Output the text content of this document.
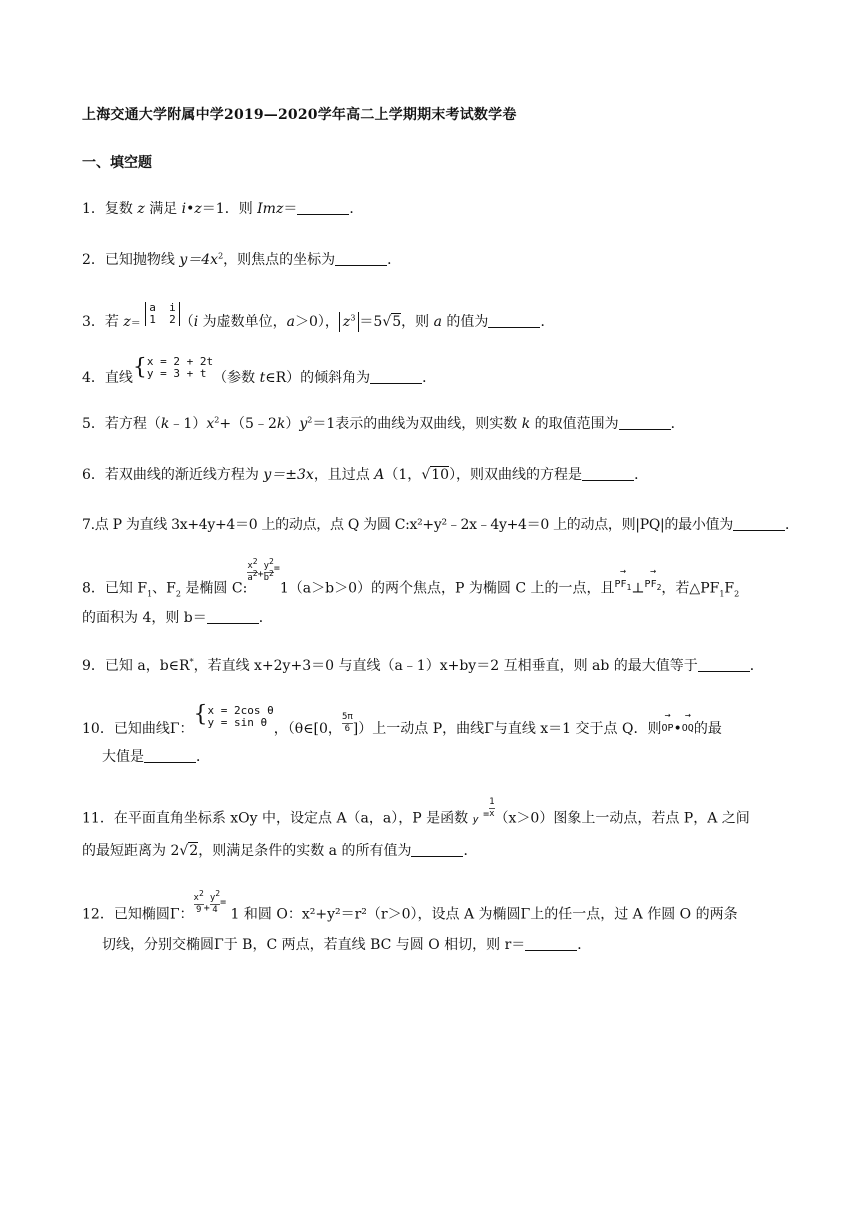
上海交通大学附属中学2019—2020学年高二上学期期末考试数学卷
一、填空题
1．复数 z 满足 i•z＝1．则 Imz＝	．
2．已知抛物线 $y=4x^2$，则焦点的坐标为	．
3．若 z＝ a i
1 2 （i 为虚数单位，a＞0）， $z^3 =5√5$，则 a 的值为	．
4．直线{x = 2 + 2t
y = 3 + t （参数 t∈R）的倾斜角为	．
5．若方程$(k﹣1)x^2+(5﹣2k)y^2=1$表示的曲线为双曲线，则实数 k 的取值范围为	．
6．若双曲线的渐近线方程为 y＝±3x，且过点 A（1，√10），则双曲线的方程是	．
7.点 P 为直线 3x+4y+4＝0 上的动点，点 Q 为圆 C:x²+y²﹣2x﹣4y+4＝0 上的动点，则|PQ|的最小值为	．
8．已知 $F_1$、$F_2$ 是椭圆 C:
$\frac{x^2}{a^2} ^+ \frac{y^2}{b^2} ^=1(a>b>0)$的两个焦点，P 为椭圆 C 上的一点，且→ $PF_1\perp\to PF_2$，若$\triangle PF_1F_2$
的面积为 4，则 b＝	．
9．已知 a，b∈R*，若直线 x+2y+3＝0 与直线（a﹣1）x+by＝2 互相垂直，则 ab 的最大值等于	．
10．已知曲线Γ：{x = 2cos θ
y = sin θ ，（θ∈[0， $\frac{5\pi}{6}$ ]）上一动点 P，曲线Γ与直线 x＝1 交于点 Q．则→ OP•→ OQ的最
大值是	．
11．在平面直角坐标系 xOy 中，设定点 A（a，a），P 是函数 y $^= \frac{1}{x} (x>0)$图象上一动点，若点 P，A 之间
的最短距离为 2√2，则满足条件的实数 a 的所有值为	．
12．已知椭圆Γ： $\frac{x^2}{9} ^+ \frac{y^2}{4} ^=$ 1 和圆 O：x²+y²＝r²（r＞0），设点 A 为椭圆Γ上的任一点，过 A 作圆 O 的两条
切线，分别交椭圆Γ于 B，C 两点，若直线 BC 与圆 O 相切，则 r＝	．
